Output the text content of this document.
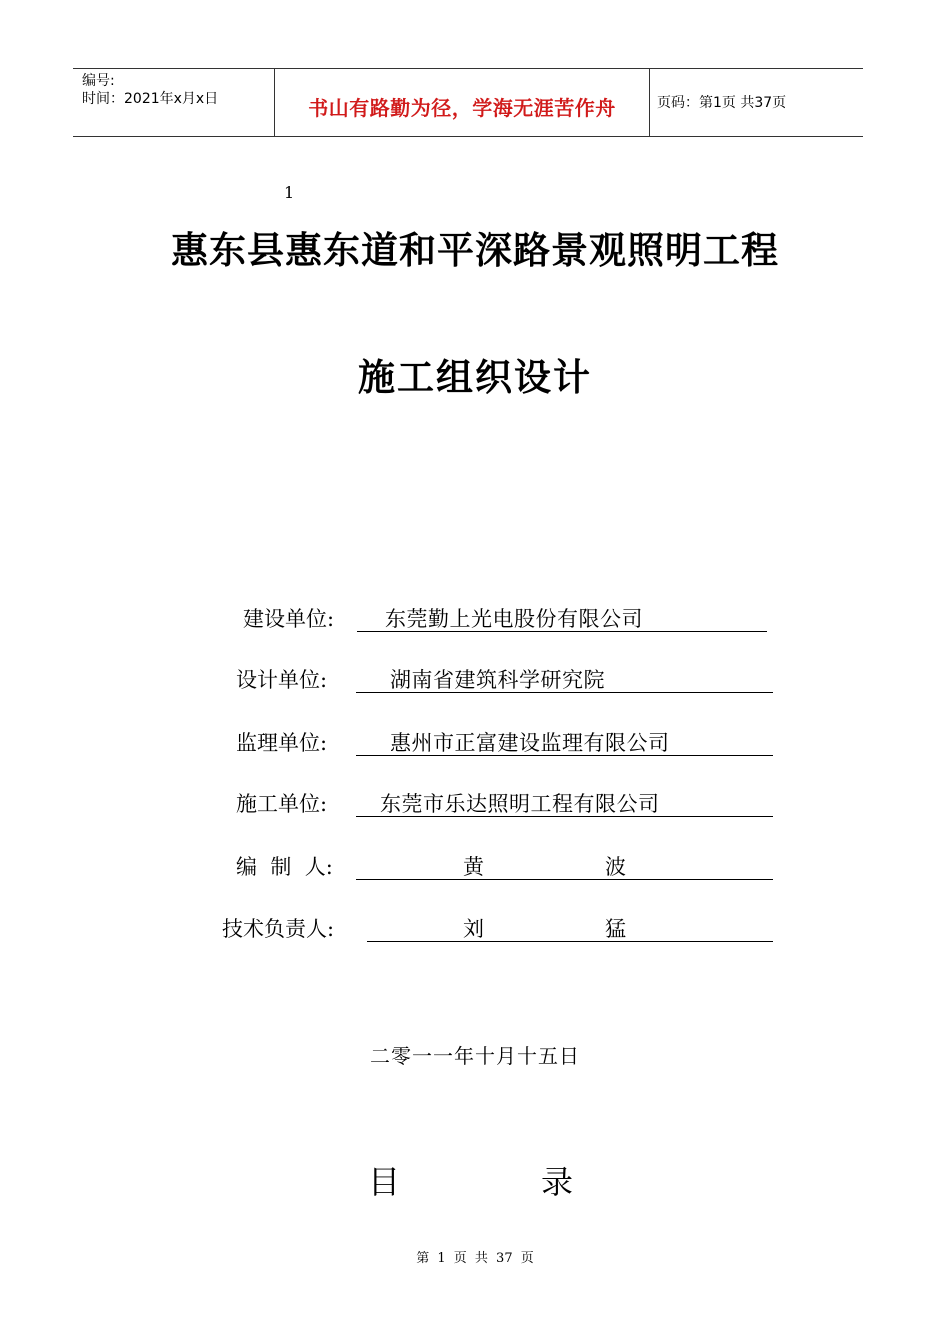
编号:
时间：2021年x月x日	书山有路勤为径，学海无涯苦作舟	页码：第1页 共37页
1
惠东县惠东道和平深路景观照明工程
施工组织设计
建设单位: 东莞勤上光电股份有限公司
设计单位:	湖南省建筑科学研究院
监理单位:	惠州市正富建设监理有限公司
施工单位:	东莞市乐达照明工程有限公司
编  制  人:	黄	波
技术负责人:	刘	猛
二零一一年十月十五日
目	录
第 1 页 共 37 页
